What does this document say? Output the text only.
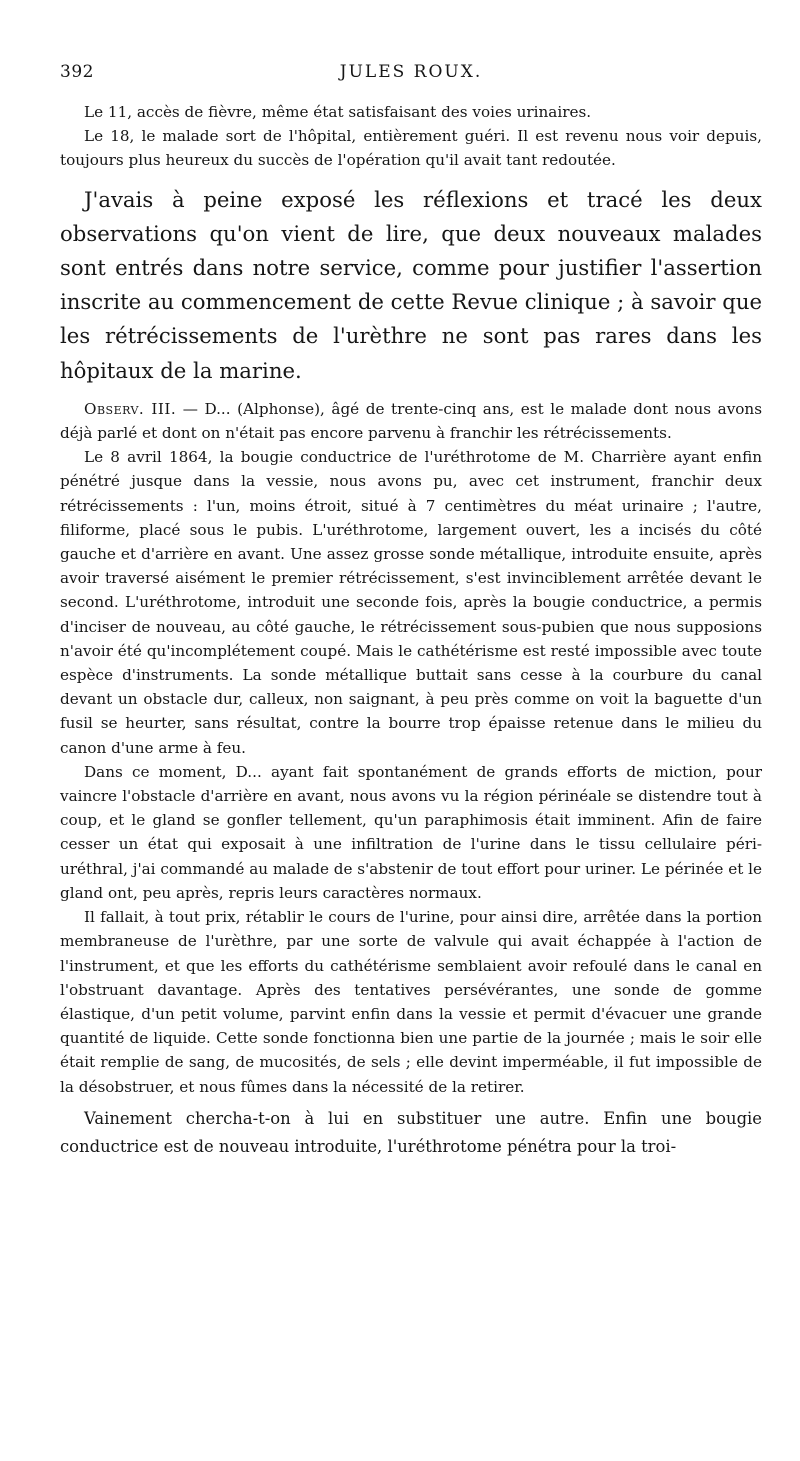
392	JULES ROUX.

Le 11, accès de fièvre, même état satisfaisant des voies urinaires.

Le 18, le malade sort de l'hôpital, entièrement guéri. Il est revenu nous voir depuis, toujours plus heureux du succès de l'opération qu'il avait tant redoutée.

J'avais à peine exposé les réflexions et tracé les deux observations qu'on vient de lire, que deux nouveaux malades sont entrés dans notre service, comme pour justifier l'assertion inscrite au commencement de cette Revue clinique ; à savoir que les rétrécissements de l'urèthre ne sont pas rares dans les hôpitaux de la marine.

Observ. III. — D... (Alphonse), âgé de trente-cinq ans, est le malade dont nous avons déjà parlé et dont on n'était pas encore parvenu à franchir les rétrécissements.

Le 8 avril 1864, la bougie conductrice de l'uréthrotome de M. Charrière ayant enfin pénétré jusque dans la vessie, nous avons pu, avec cet instrument, franchir deux rétrécissements : l'un, moins étroit, situé à 7 centimètres du méat urinaire ; l'autre, filiforme, placé sous le pubis. L'uréthrotome, largement ouvert, les a incisés du côté gauche et d'arrière en avant. Une assez grosse sonde métallique, introduite ensuite, après avoir traversé aisément le premier rétrécissement, s'est invinciblement arrêtée devant le second. L'uréthrotome, introduit une seconde fois, après la bougie conductrice, a permis d'inciser de nouveau, au côté gauche, le rétrécissement sous-pubien que nous supposions n'avoir été qu'incomplétement coupé. Mais le cathétérisme est resté impossible avec toute espèce d'instruments. La sonde métallique buttait sans cesse à la courbure du canal devant un obstacle dur, calleux, non saignant, à peu près comme on voit la baguette d'un fusil se heurter, sans résultat, contre la bourre trop épaisse retenue dans le milieu du canon d'une arme à feu.

Dans ce moment, D... ayant fait spontanément de grands efforts de miction, pour vaincre l'obstacle d'arrière en avant, nous avons vu la région périnéale se distendre tout à coup, et le gland se gonfler tellement, qu'un paraphimosis était imminent. Afin de faire cesser un état qui exposait à une infiltration de l'urine dans le tissu cellulaire péri-uréthral, j'ai commandé au malade de s'abstenir de tout effort pour uriner. Le périnée et le gland ont, peu après, repris leurs caractères normaux.

Il fallait, à tout prix, rétablir le cours de l'urine, pour ainsi dire, arrêtée dans la portion membraneuse de l'urèthre, par une sorte de valvule qui avait échappée à l'action de l'instrument, et que les efforts du cathétérisme semblaient avoir refoulé dans le canal en l'obstruant davantage. Après des tentatives persévérantes, une sonde de gomme élastique, d'un petit volume, parvint enfin dans la vessie et permit d'évacuer une grande quantité de liquide. Cette sonde fonctionna bien une partie de la journée ; mais le soir elle était remplie de sang, de mucosités, de sels ; elle devint imperméable, il fut impossible de la désobstruer, et nous fûmes dans la nécessité de la retirer.

Vainement chercha-t-on à lui en substituer une autre. Enfin une bougie conductrice est de nouveau introduite, l'uréthrotome pénétra pour la troi-
